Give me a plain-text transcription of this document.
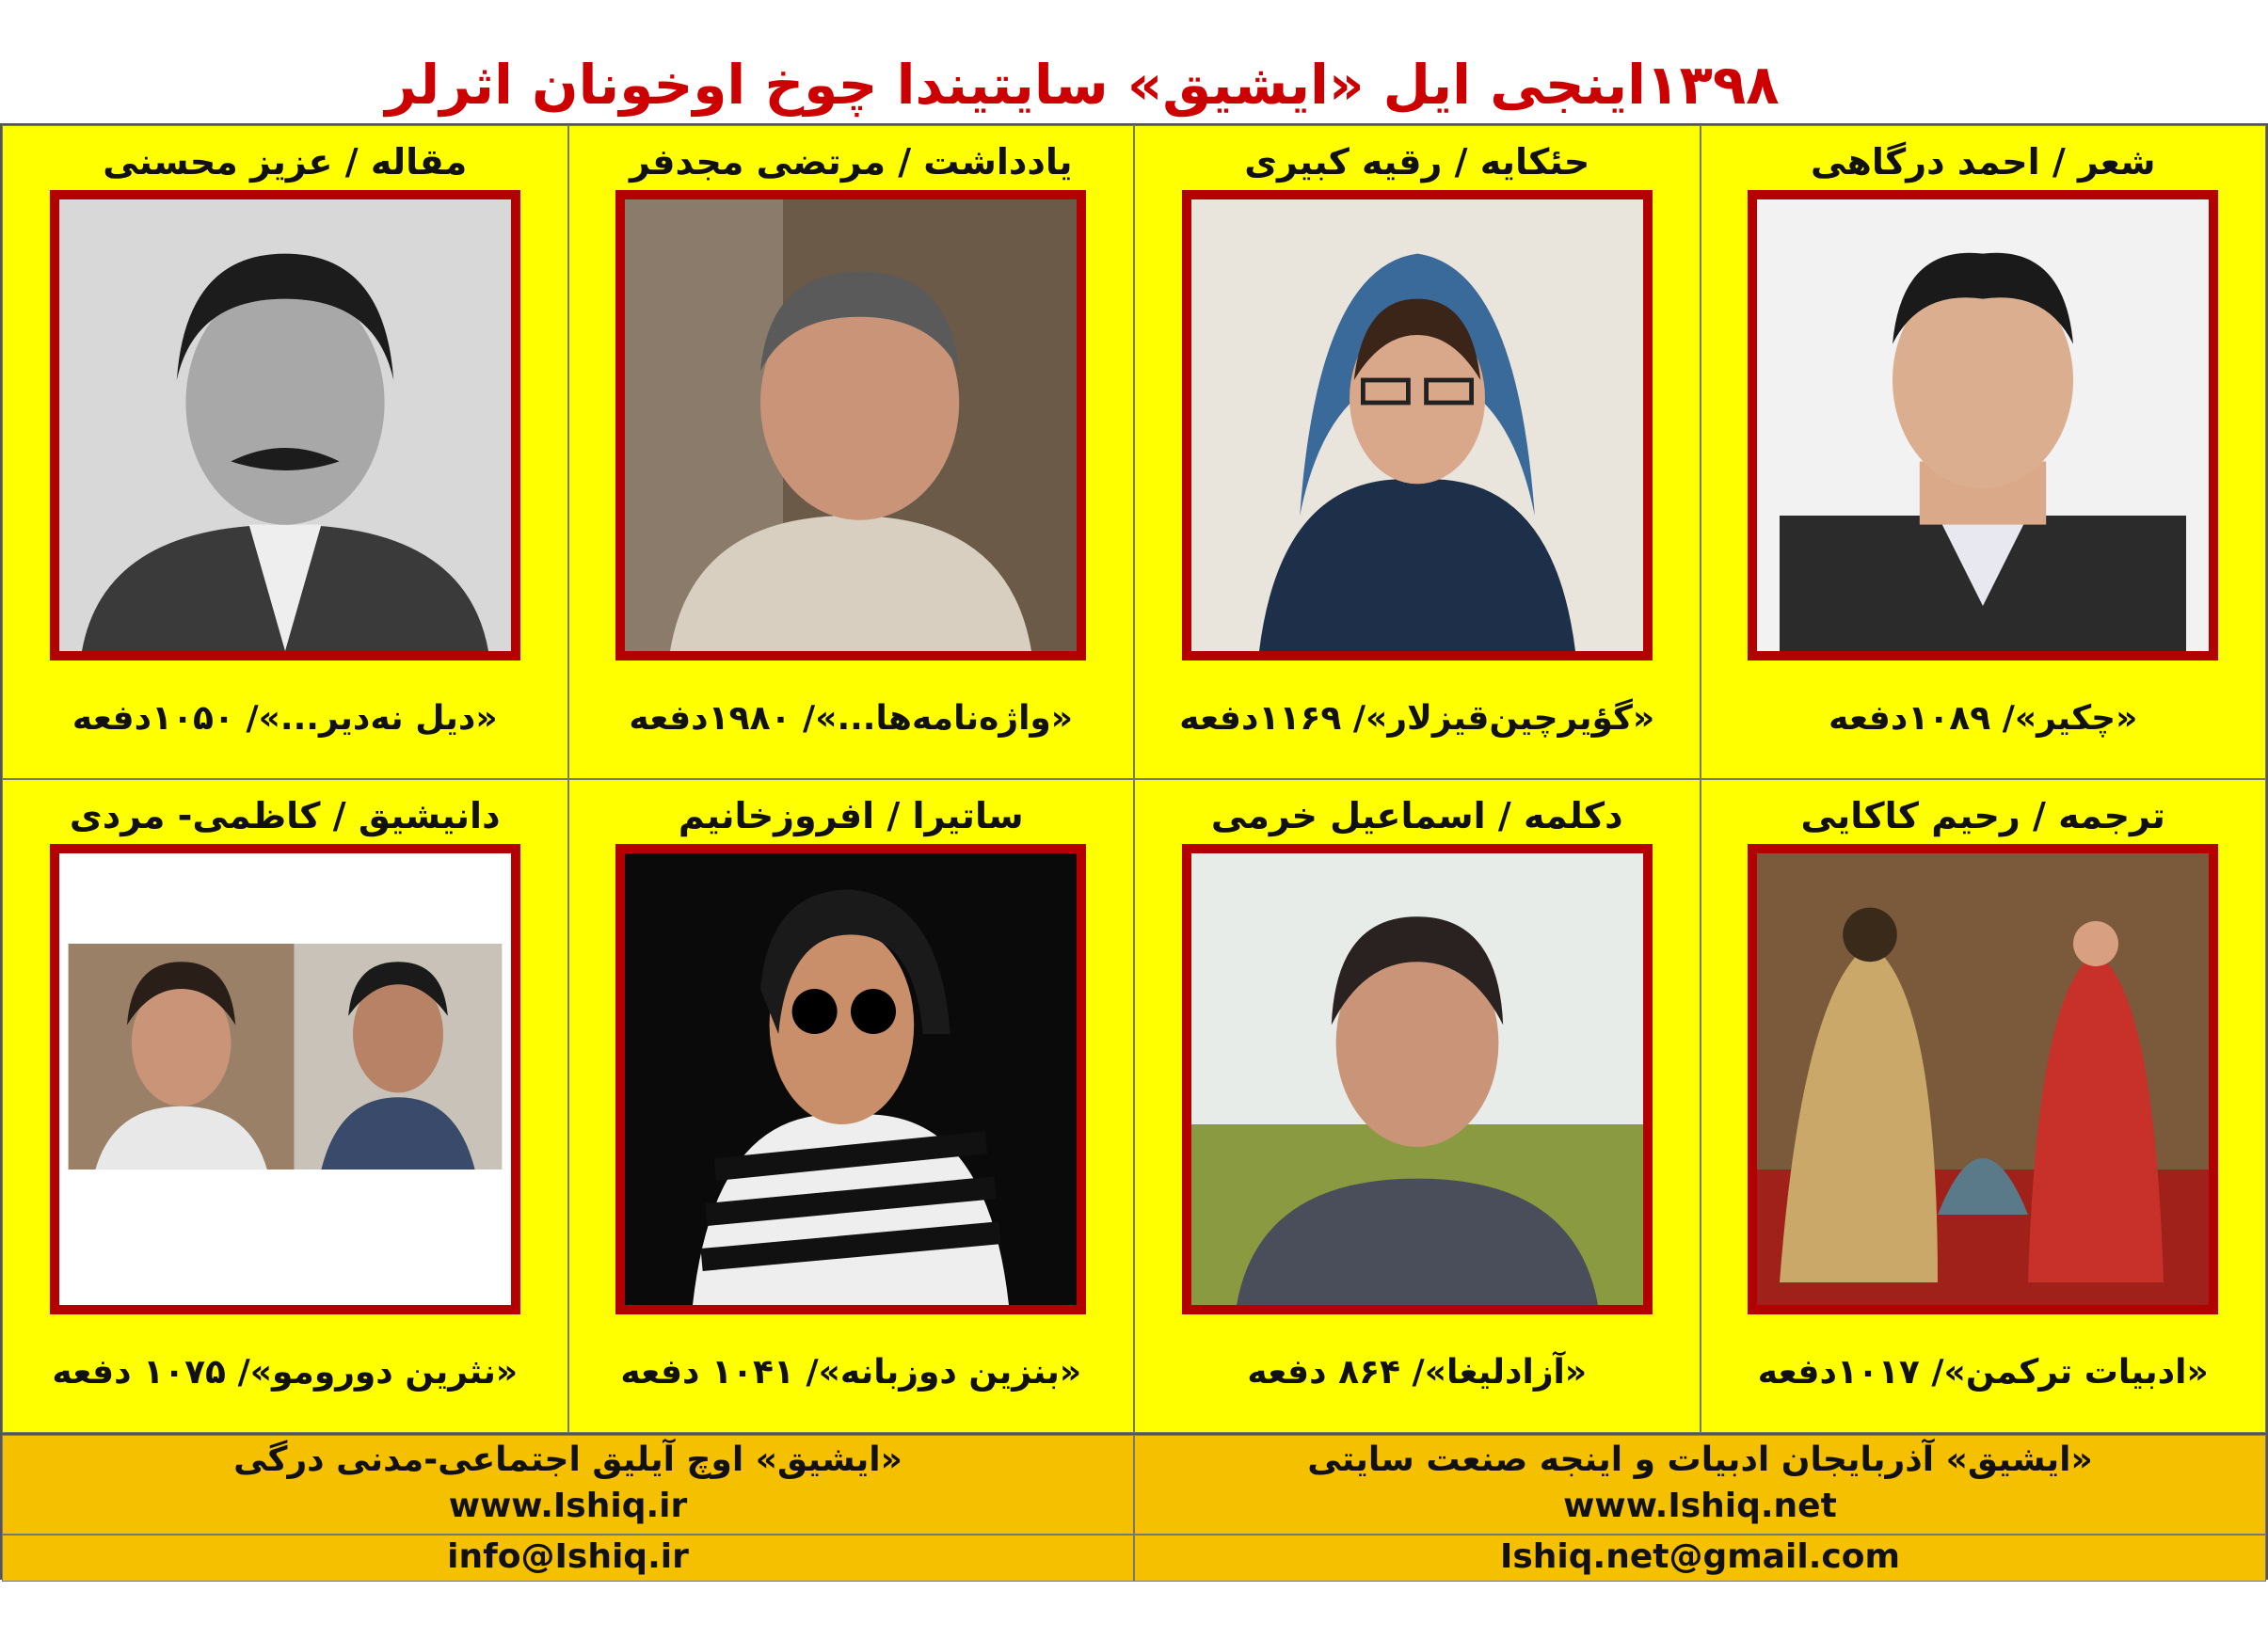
۱۳۹۸اینجی ایل «ایشیق» سایتیندا چوخ اوخونان اثرلر
شعر / احمد درگاهی
«چکیر»/ ۱۰۸۹دفعه
حئکایه / رقیه کبیری
«گؤیرچین‌قیزلار»/ ۱۱۶۹دفعه
یادداشت / مرتضی مجدفر
«واژه‌نامه‌ها...»/ ۱۹۸۰دفعه
مقاله / عزیز محسنی
«دیل نه‌دیر...»/ ۱۰۵۰دفعه
ترجمه / رحیم کاکایی
«ادبیات ترکمن»/ ۱۰۱۷دفعه
دکلمه / اسماعیل خرمی
«آزادلیغا»/ ۸۶۴ دفعه
ساتیرا / افروزخانیم
«بنزین دوزبانه»/ ۱۰۴۱ دفعه
دانیشیق / کاظمی- مردی
«نثرین دورومو»/ ۱۰۷۵ دفعه
«ایشیق» آذربایجان ادبیات و اینجه صنعت سایتی
www.Ishiq.net
«ایشیق» اوچ آیلیق اجتماعی-مدنی درگی
www.Ishiq.ir
Ishiq.net@gmail.com
info@Ishiq.ir
